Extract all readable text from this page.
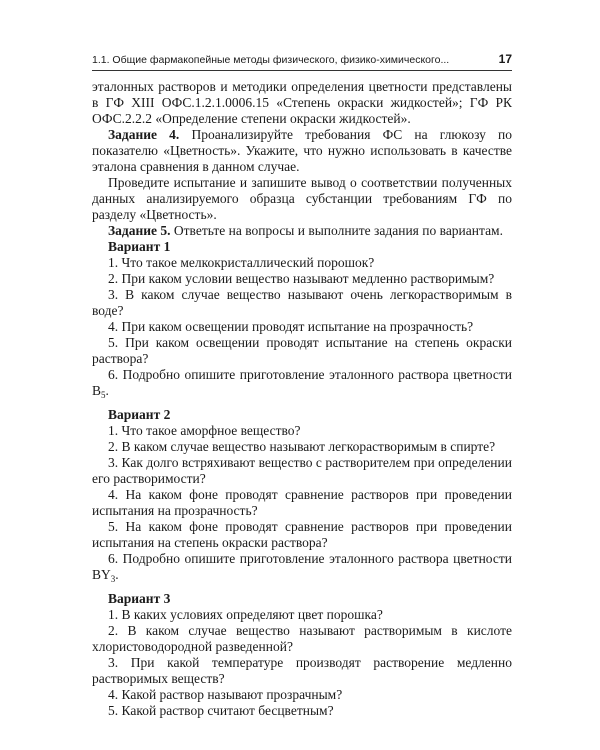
1.1. Общие фармакопейные методы физического, физико-химического...	17

эталонных растворов и методики определения цветности представлены в ГФ XIII ОФС.1.2.1.0006.15 «Степень окраски жидкостей»; ГФ РК ОФС.2.2.2 «Определение степени окраски жидкостей».

Задание 4. Проанализируйте требования ФС на глюкозу по показателю «Цветность». Укажите, что нужно использовать в качестве эталона сравнения в данном случае.

Проведите испытание и запишите вывод о соответствии полученных данных анализируемого образца субстанции требованиям ГФ по разделу «Цветность».

Задание 5. Ответьте на вопросы и выполните задания по вариантам.

Вариант 1

1. Что такое мелкокристаллический порошок?

2. При каком условии вещество называют медленно растворимым?

3. В каком случае вещество называют очень легкорастворимым в воде?

4. При каком освещении проводят испытание на прозрачность?

5. При каком освещении проводят испытание на степень окраски раствора?

6. Подробно опишите приготовление эталонного раствора цветности $B_5$.

Вариант 2

1. Что такое аморфное вещество?

2. В каком случае вещество называют легкорастворимым в спирте?

3. Как долго встряхивают вещество с растворителем при определении его растворимости?

4. На каком фоне проводят сравнение растворов при проведении испытания на прозрачность?

5. На каком фоне проводят сравнение растворов при проведении испытания на степень окраски раствора?

6. Подробно опишите приготовление эталонного раствора цветности $BY_3$.

Вариант 3

1. В каких условиях определяют цвет порошка?

2. В каком случае вещество называют растворимым в кислоте хлористоводородной разведенной?

3. При какой температуре производят растворение медленно растворимых веществ?

4. Какой раствор называют прозрачным?

5. Какой раствор считают бесцветным?
